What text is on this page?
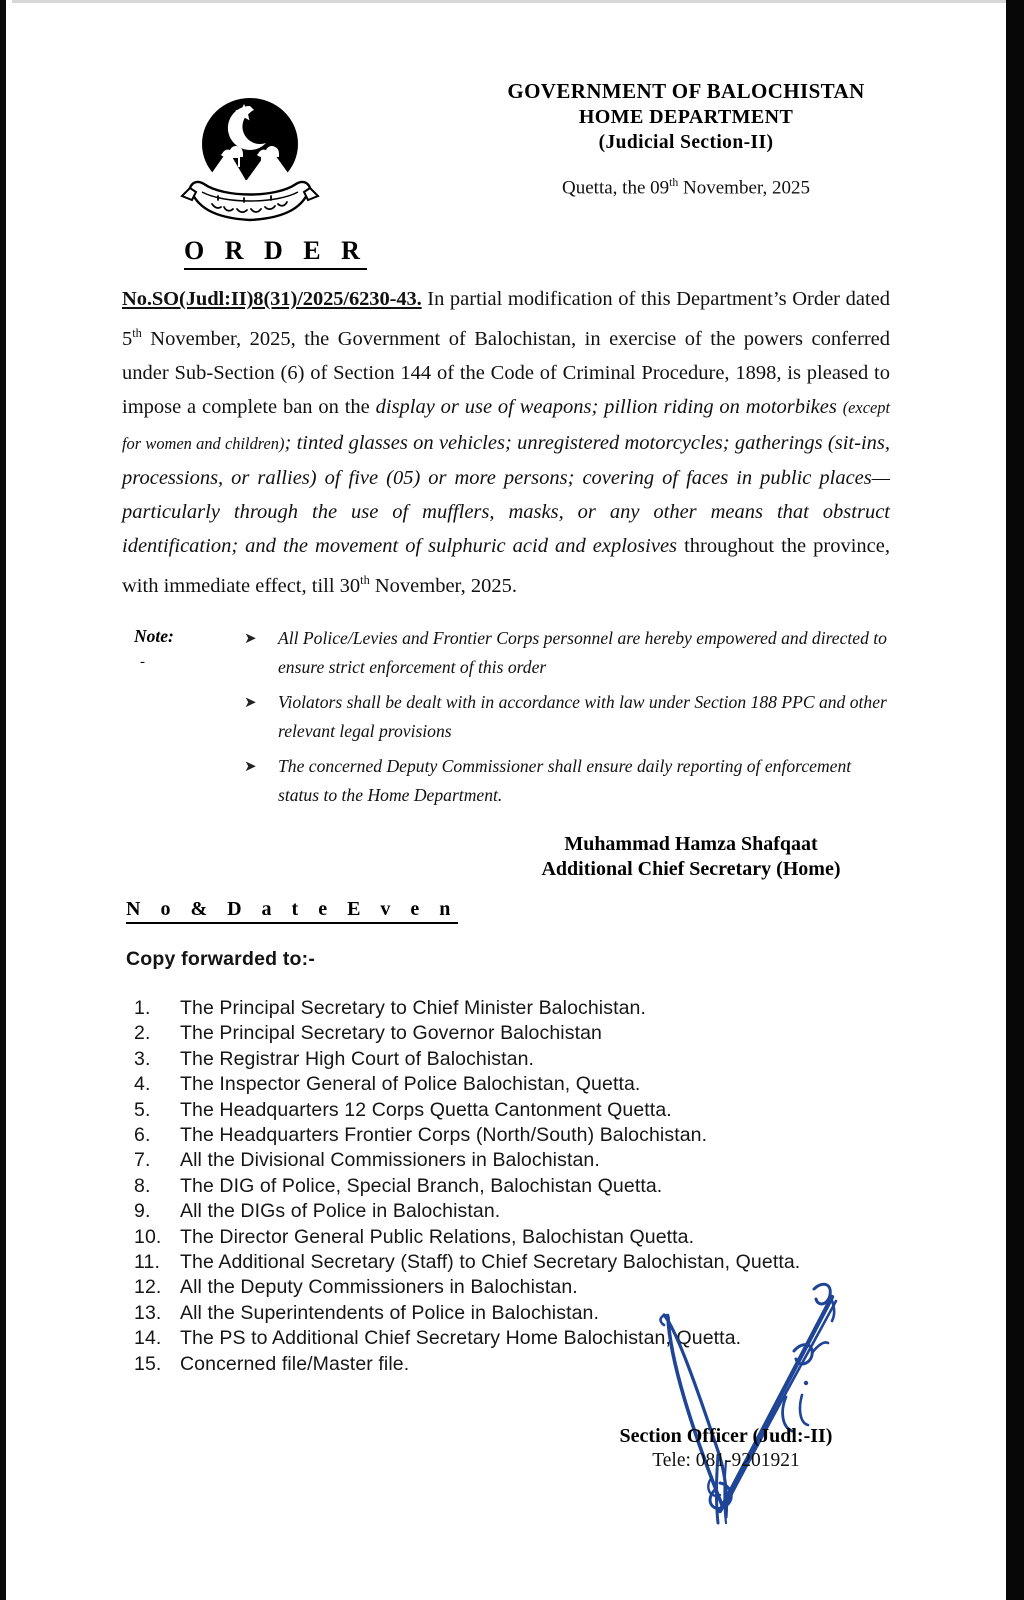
GOVERNMENT OF BALOCHISTAN
HOME DEPARTMENT
(Judicial Section-II)
Quetta, the 09th November, 2025
O R D E R

No.SO(Judl:II)8(31)/2025/6230-43. In partial modification of this Department’s Order dated 5th November, 2025, the Government of Balochistan, in exercise of the powers conferred under Sub-Section (6) of Section 144 of the Code of Criminal Procedure, 1898, is pleased to impose a complete ban on the display or use of weapons; pillion riding on motorbikes (except for women and children); tinted glasses on vehicles; unregistered motorcycles; gatherings (sit-ins, processions, or rallies) of five (05) or more persons; covering of faces in public places—particularly through the use of mufflers, masks, or any other means that obstruct identification; and the movement of sulphuric acid and explosives throughout the province, with immediate effect, till 30th November, 2025.

Note:
-
➤ All Police/Levies and Frontier Corps personnel are hereby empowered and directed to ensure strict enforcement of this order
➤ Violators shall be dealt with in accordance with law under Section 188 PPC and other relevant legal provisions
➤ The concerned Deputy Commissioner shall ensure daily reporting of enforcement status to the Home Department.
Muhammad Hamza Shafqaat
Additional Chief Secretary (Home)
N o & D a t e E v e n
Copy forwarded to:-
1.	The Principal Secretary to Chief Minister Balochistan.
2.	The Principal Secretary to Governor Balochistan
3.	The Registrar High Court of Balochistan.
4.	The Inspector General of Police Balochistan, Quetta.
5.	The Headquarters 12 Corps Quetta Cantonment Quetta.
6.	The Headquarters Frontier Corps (North/South) Balochistan.
7.	All the Divisional Commissioners in Balochistan.
8.	The DIG of Police, Special Branch, Balochistan Quetta.
9.	All the DIGs of Police in Balochistan.
10. The Director General Public Relations, Balochistan Quetta.
11.	The Additional Secretary (Staff) to Chief Secretary Balochistan, Quetta.
12. All the Deputy Commissioners in Balochistan.
13. All the Superintendents of Police in Balochistan.
14. The PS to Additional Chief Secretary Home Balochistan, Quetta.
15. Concerned file/Master file.
Section Officer (Judl:-II)
Tele: 081-9201921
